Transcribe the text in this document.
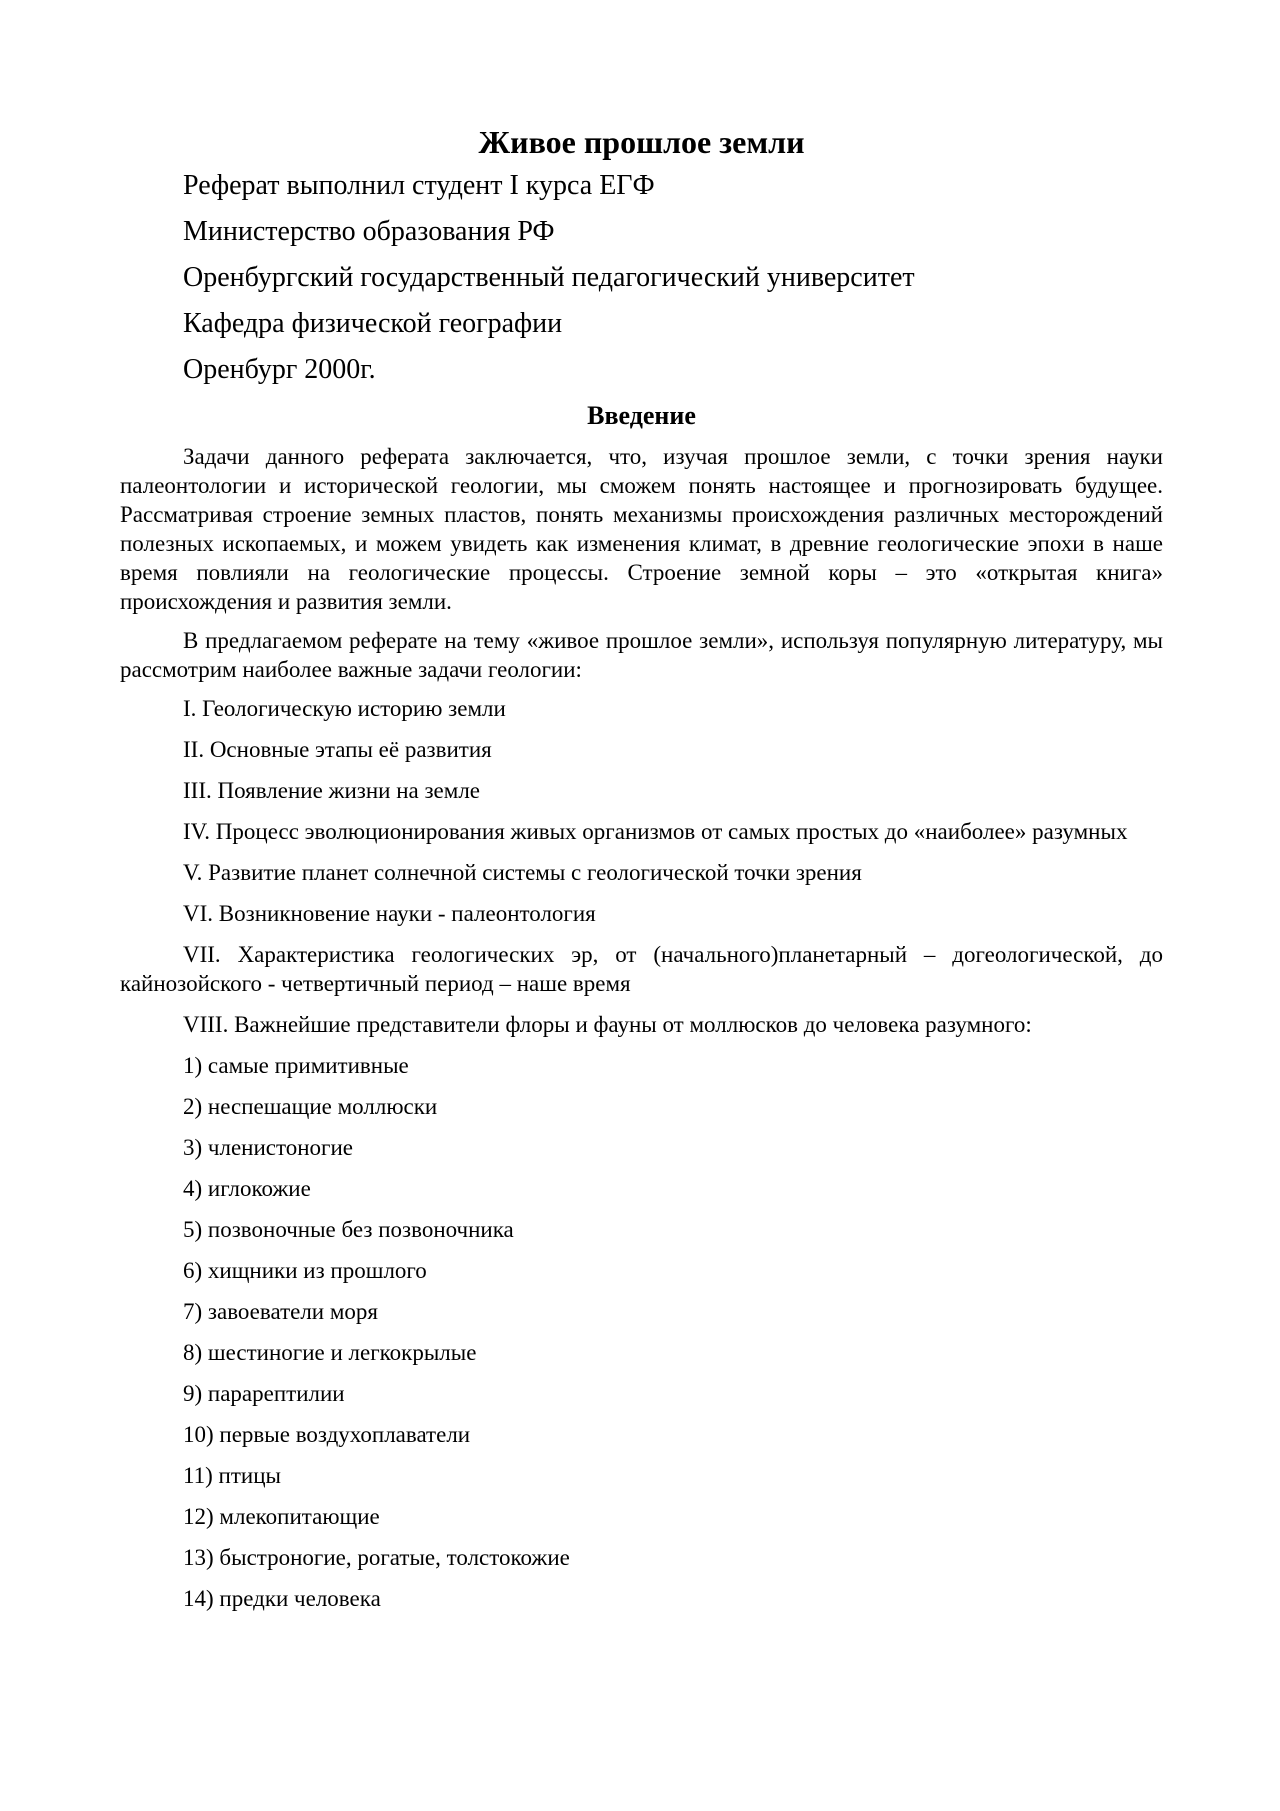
Живое прошлое земли
Реферат выполнил студент I курса ЕГФ
Министерство образования РФ
Оренбургский государственный педагогический университет
Кафедра физической географии
Оренбург 2000г.
Введение

Задачи данного реферата заключается, что, изучая прошлое земли, с точки зрения науки палеонтологии и исторической геологии, мы сможем понять настоящее и прогнозировать будущее. Рассматривая строение земных пластов, понять механизмы происхождения различных месторождений полезных ископаемых, и можем увидеть как изменения климат, в древние геологические эпохи в наше время повлияли на геологические процессы. Строение земной коры – это «открытая книга» происхождения и развития земли.

В предлагаемом реферате на тему «живое прошлое земли», используя популярную литературу, мы рассмотрим наиболее важные задачи геологии:

I. Геологическую историю земли
II. Основные этапы её развития
III. Появление жизни на земле
IV. Процесс эволюционирования живых организмов от самых простых до «наиболее» разумных
V. Развитие планет солнечной системы с геологической точки зрения
VI. Возникновение науки - палеонтология
VII. Характеристика геологических эр, от (начального)планетарный – догеологической, до кайнозойского - четвертичный период – наше время
VIII. Важнейшие представители флоры и фауны от моллюсков до человека разумного:
1) самые примитивные
2) неспешащие моллюски
3) членистоногие
4) иглокожие
5) позвоночные без позвоночника
6) хищники из прошлого
7) завоеватели моря
8) шестиногие и легкокрылые
9) парарептилии
10) первые воздухоплаватели
11) птицы
12) млекопитающие
13) быстроногие, рогатые, толстокожие
14) предки человека
